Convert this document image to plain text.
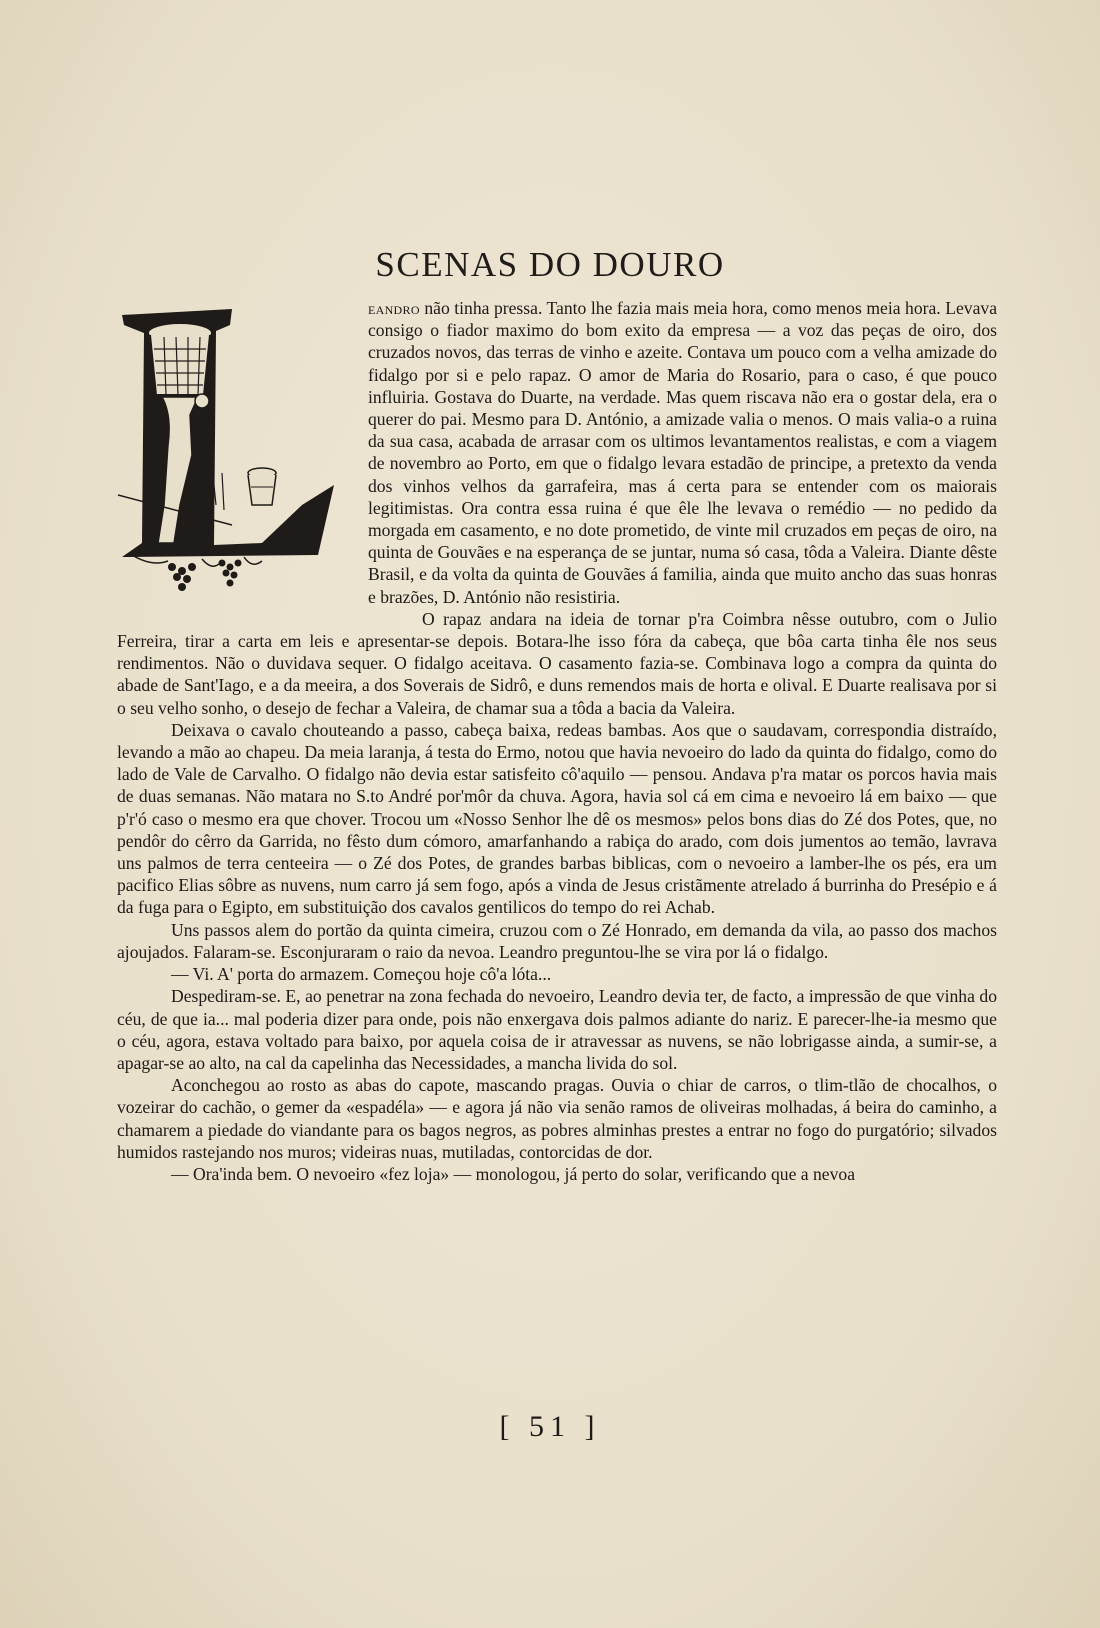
SCENAS DO DOURO

eandro não tinha pressa. Tanto lhe fazia mais meia hora, como menos meia hora. Levava consigo o fiador maximo do bom exito da empresa — a voz das peças de oiro, dos cruzados novos, das terras de vinho e azeite. Contava um pouco com a velha amizade do fidalgo por si e pelo rapaz. O amor de Maria do Rosario, para o caso, é que pouco influiria. Gostava do Duarte, na verdade. Mas quem riscava não era o gostar dela, era o querer do pai. Mesmo para D. António, a amizade valia o menos. O mais valia-o a ruina da sua casa, acabada de arrasar com os ultimos levantamentos realistas, e com a viagem de novembro ao Porto, em que o fidalgo levara estadão de principe, a pretexto da venda dos vinhos velhos da garrafeira, mas á certa para se entender com os maiorais legitimistas. Ora contra essa ruina é que êle lhe levava o remédio — no pedido da morgada em casamento, e no dote prometido, de vinte mil cruzados em peças de oiro, na quinta de Gouvães e na esperança de se juntar, numa só casa, tôda a Valeira. Diante dêste Brasil, e da volta da quinta de Gouvães á familia, ainda que muito ancho das suas honras e brazões, D. António não resistiria.

O rapaz andara na ideia de tornar p'ra Coimbra nêsse outubro, com o Julio Ferreira, tirar a carta em leis e apresentar-se depois. Botara-lhe isso fóra da cabeça, que bôa carta tinha êle nos seus rendimentos. Não o duvidava sequer. O fidalgo aceitava. O casamento fazia-se. Combinava logo a compra da quinta do abade de Sant'Iago, e a da meeira, a dos Soverais de Sidrô, e duns remendos mais de horta e olival. E Duarte realisava por si o seu velho sonho, o desejo de fechar a Valeira, de chamar sua a tôda a bacia da Valeira.

Deixava o cavalo chouteando a passo, cabeça baixa, redeas bambas. Aos que o saudavam, correspondia distraído, levando a mão ao chapeu. Da meia laranja, á testa do Ermo, notou que havia nevoeiro do lado da quinta do fidalgo, como do lado de Vale de Carvalho. O fidalgo não devia estar satisfeito cô'aquilo — pensou. Andava p'ra matar os porcos havia mais de duas semanas. Não matara no S.to André por'môr da chuva. Agora, havia sol cá em cima e nevoeiro lá em baixo — que p'r'ó caso o mesmo era que chover. Trocou um «Nosso Senhor lhe dê os mesmos» pelos bons dias do Zé dos Potes, que, no pendôr do cêrro da Garrida, no fêsto dum cómoro, amarfanhando a rabiça do arado, com dois jumentos ao temão, lavrava uns palmos de terra centeeira — o Zé dos Potes, de grandes barbas biblicas, com o nevoeiro a lamber-lhe os pés, era um pacifico Elias sôbre as nuvens, num carro já sem fogo, após a vinda de Jesus cristãmente atrelado á burrinha do Presépio e á da fuga para o Egipto, em substituição dos cavalos gentilicos do tempo do rei Achab.

Uns passos alem do portão da quinta cimeira, cruzou com o Zé Honrado, em demanda da vila, ao passo dos machos ajoujados. Falaram-se. Esconjuraram o raio da nevoa. Leandro preguntou-lhe se vira por lá o fidalgo.

— Vi. A' porta do armazem. Começou hoje cô'a lóta...

Despediram-se. E, ao penetrar na zona fechada do nevoeiro, Leandro devia ter, de facto, a impressão de que vinha do céu, de que ia... mal poderia dizer para onde, pois não enxergava dois palmos adiante do nariz. E parecer-lhe-ia mesmo que o céu, agora, estava voltado para baixo, por aquela coisa de ir atravessar as nuvens, se não lobrigasse ainda, a sumir-se, a apagar-se ao alto, na cal da capelinha das Necessidades, a mancha livida do sol.

Aconchegou ao rosto as abas do capote, mascando pragas. Ouvia o chiar de carros, o tlim-tlão de chocalhos, o vozeirar do cachão, o gemer da «espadéla» — e agora já não via senão ramos de oliveiras molhadas, á beira do caminho, a chamarem a piedade do viandante para os bagos negros, as pobres alminhas prestes a entrar no fogo do purgatório; silvados humidos rastejando nos muros; videiras nuas, mutiladas, contorcidas de dor.

— Ora'inda bem. O nevoeiro «fez loja» — monologou, já perto do solar, verificando que a nevoa

[ 51 ]
